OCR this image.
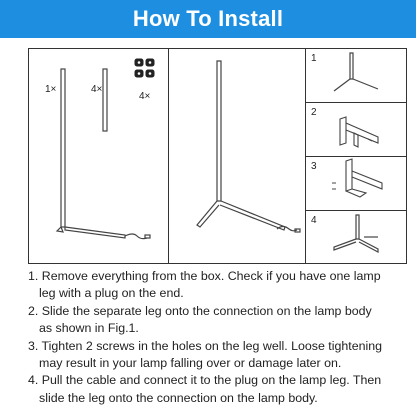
How To Install
1×	4×
4×
1
2
3
4
1. Remove everything from the box. Check if you have one lamp
leg with a plug on the end.
2. Slide the separate leg onto the connection on the lamp body
as shown in Fig.1.
3. Tighten 2 screws in the holes on the leg well. Loose tightening
may result in your lamp falling over or damage later on.
4. Pull the cable and connect it to the plug on the lamp leg. Then
slide the leg onto the connection on the lamp body.
